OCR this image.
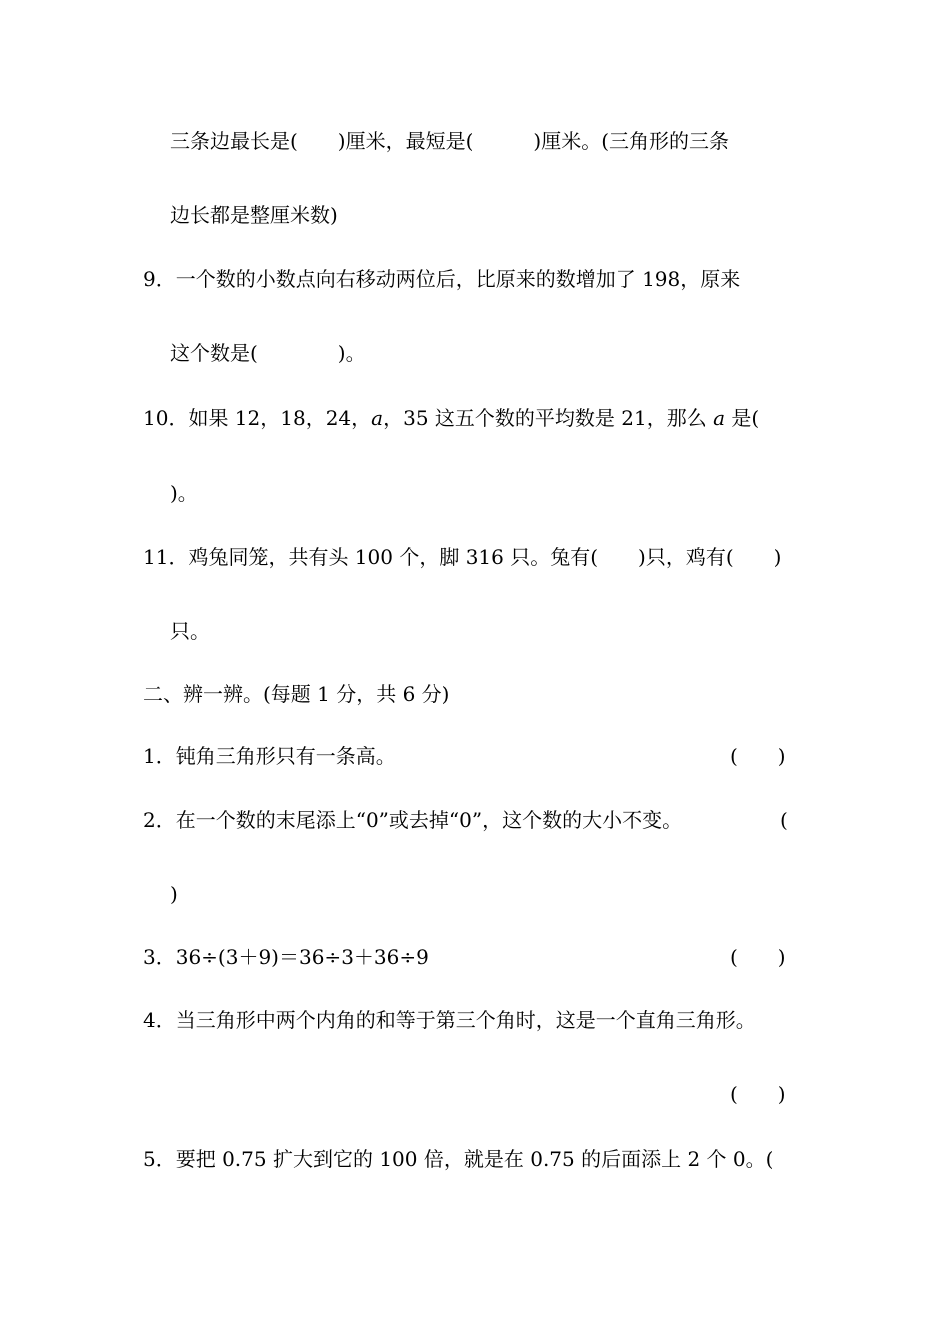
三条边最长是(　　)厘米，最短是(　　　)厘米。(三角形的三条
边长都是整厘米数)
9．一个数的小数点向右移动两位后，比原来的数增加了 198，原来
这个数是(　　　　)。
10．如果 12，18，24，a，35 这五个数的平均数是 21，那么 a 是(
)。
11．鸡兔同笼，共有头 100 个，脚 316 只。兔有(　　)只，鸡有(　　)
只。
二、辨一辨。(每题 1 分，共 6 分)
1．钝角三角形只有一条高。	(　　)
2．在一个数的末尾添上“0”或去掉“0”，这个数的大小不变。	(
)
3．36÷(3＋9)＝36÷3＋36÷9	(　　)
4．当三角形中两个内角的和等于第三个角时，这是一个直角三角形。
(　　)
5．要把 0.75 扩大到它的 100 倍，就是在 0.75 的后面添上 2 个 0。(
